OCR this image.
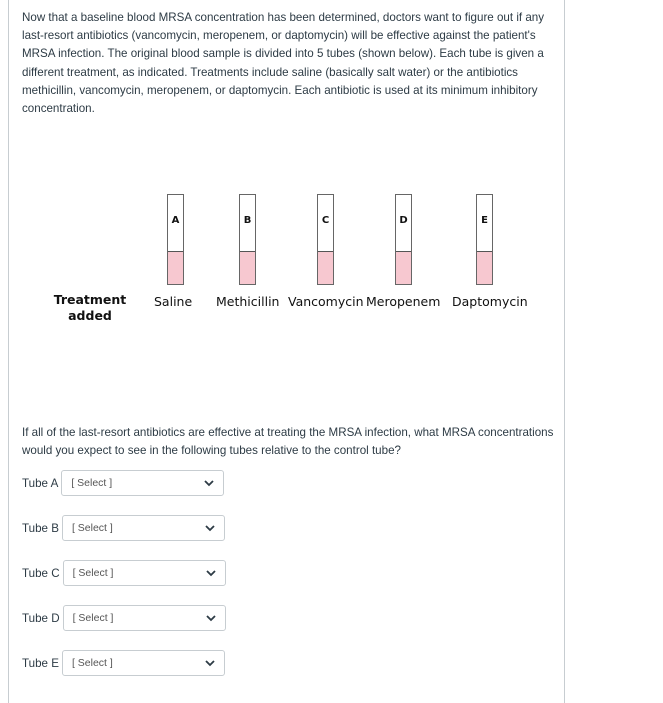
Now that a baseline blood MRSA concentration has been determined, doctors want to figure out if any last-resort antibiotics (vancomycin, meropenem, or daptomycin) will be effective against the patient's MRSA infection. The original blood sample is divided into 5 tubes (shown below). Each tube is given a different treatment, as indicated. Treatments include saline (basically salt water) or the antibiotics methicillin, vancomycin, meropenem, or daptomycin. Each antibiotic is used at its minimum inhibitory concentration.

Treatment added
A	B	C	D	E
Saline Methicillin Vancomycin Meropenem Daptomycin

If all of the last-resort antibiotics are effective at treating the MRSA infection, what MRSA concentrations would you expect to see in the following tubes relative to the control tube?

Tube A [ Select ]
Tube B [ Select ]
Tube C [ Select ]
Tube D [ Select ]
Tube E [ Select ]
